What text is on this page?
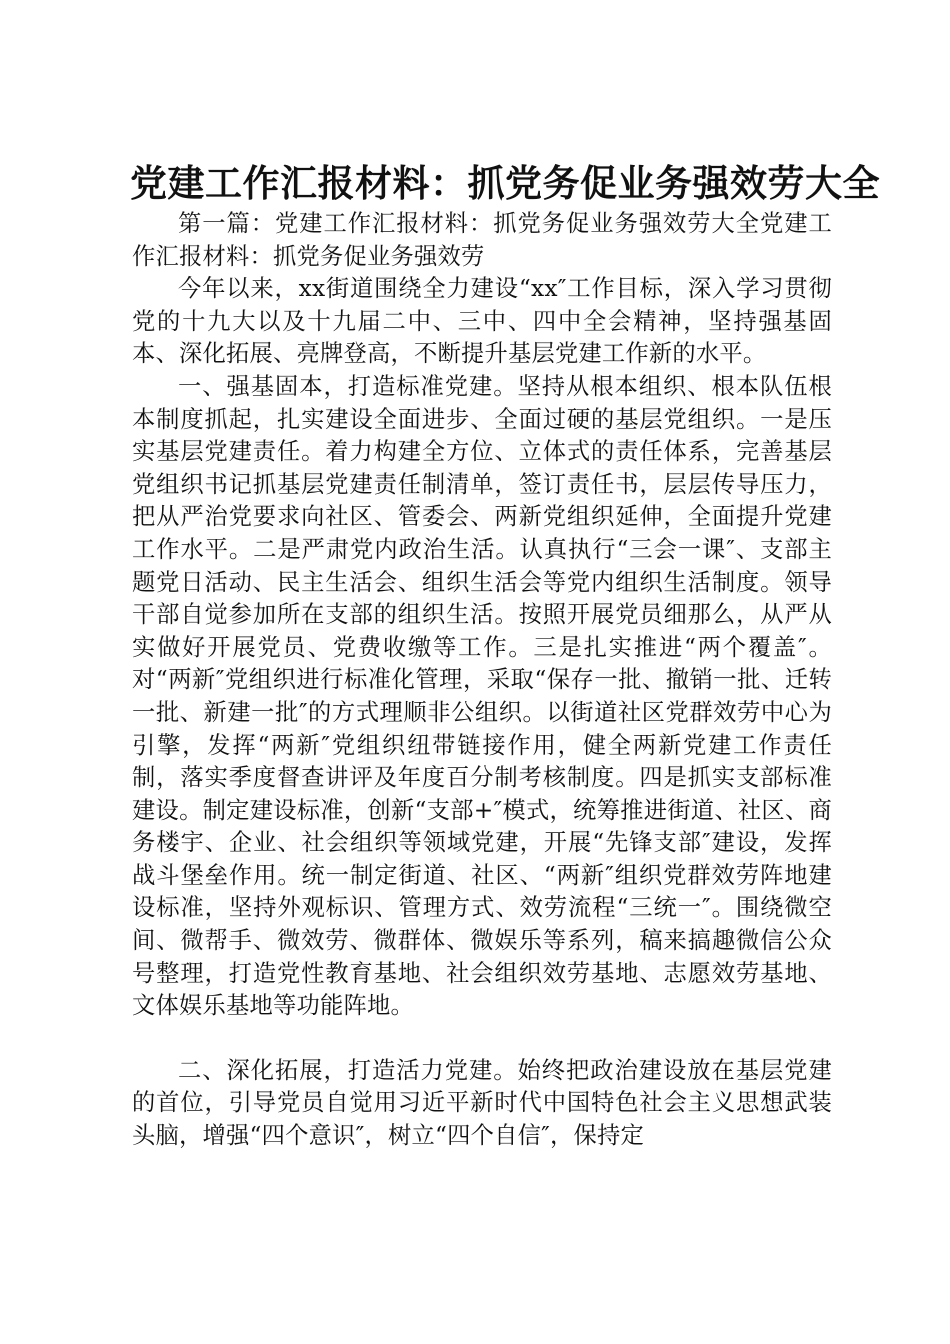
党建工作汇报材料：抓党务促业务强效劳大全

第一篇：党建工作汇报材料：抓党务促业务强效劳大全党建工作汇报材料：抓党务促业务强效劳

今年以来，xx街道围绕全力建设“xx″工作目标，深入学习贯彻党的十九大以及十九届二中、三中、四中全会精神，坚持强基固本、深化拓展、亮牌登高，不断提升基层党建工作新的水平。

一、强基固本，打造标准党建。坚持从根本组织、根本队伍根本制度抓起，扎实建设全面进步、全面过硬的基层党组织。一是压实基层党建责任。着力构建全方位、立体式的责任体系，完善基层党组织书记抓基层党建责任制清单，签订责任书，层层传导压力，把从严治党要求向社区、管委会、两新党组织延伸，全面提升党建工作水平。二是严肃党内政治生活。认真执行“三会一课″、支部主题党日活动、民主生活会、组织生活会等党内组织生活制度。领导干部自觉参加所在支部的组织生活。按照开展党员细那么，从严从实做好开展党员、党费收缴等工作。三是扎实推进“两个覆盖″。对“两新″党组织进行标准化管理，采取“保存一批、撤销一批、迁转一批、新建一批″的方式理顺非公组织。以街道社区党群效劳中心为引擎，发挥“两新″党组织纽带链接作用，健全两新党建工作责任制，落实季度督查讲评及年度百分制考核制度。四是抓实支部标准建设。制定建设标准，创新“支部+″模式，统筹推进街道、社区、商务楼宇、企业、社会组织等领域党建，开展“先锋支部″建设，发挥战斗堡垒作用。统一制定街道、社区、“两新″组织党群效劳阵地建设标准，坚持外观标识、管理方式、效劳流程“三统一″。围绕微空间、微帮手、微效劳、微群体、微娱乐等系列，稿来搞趣微信公众号整理，打造党性教育基地、社会组织效劳基地、志愿效劳基地、文体娱乐基地等功能阵地。

二、深化拓展，打造活力党建。始终把政治建设放在基层党建的首位，引导党员自觉用习近平新时代中国特色社会主义思想武装头脑，增强“四个意识″，树立“四个自信″，保持定
